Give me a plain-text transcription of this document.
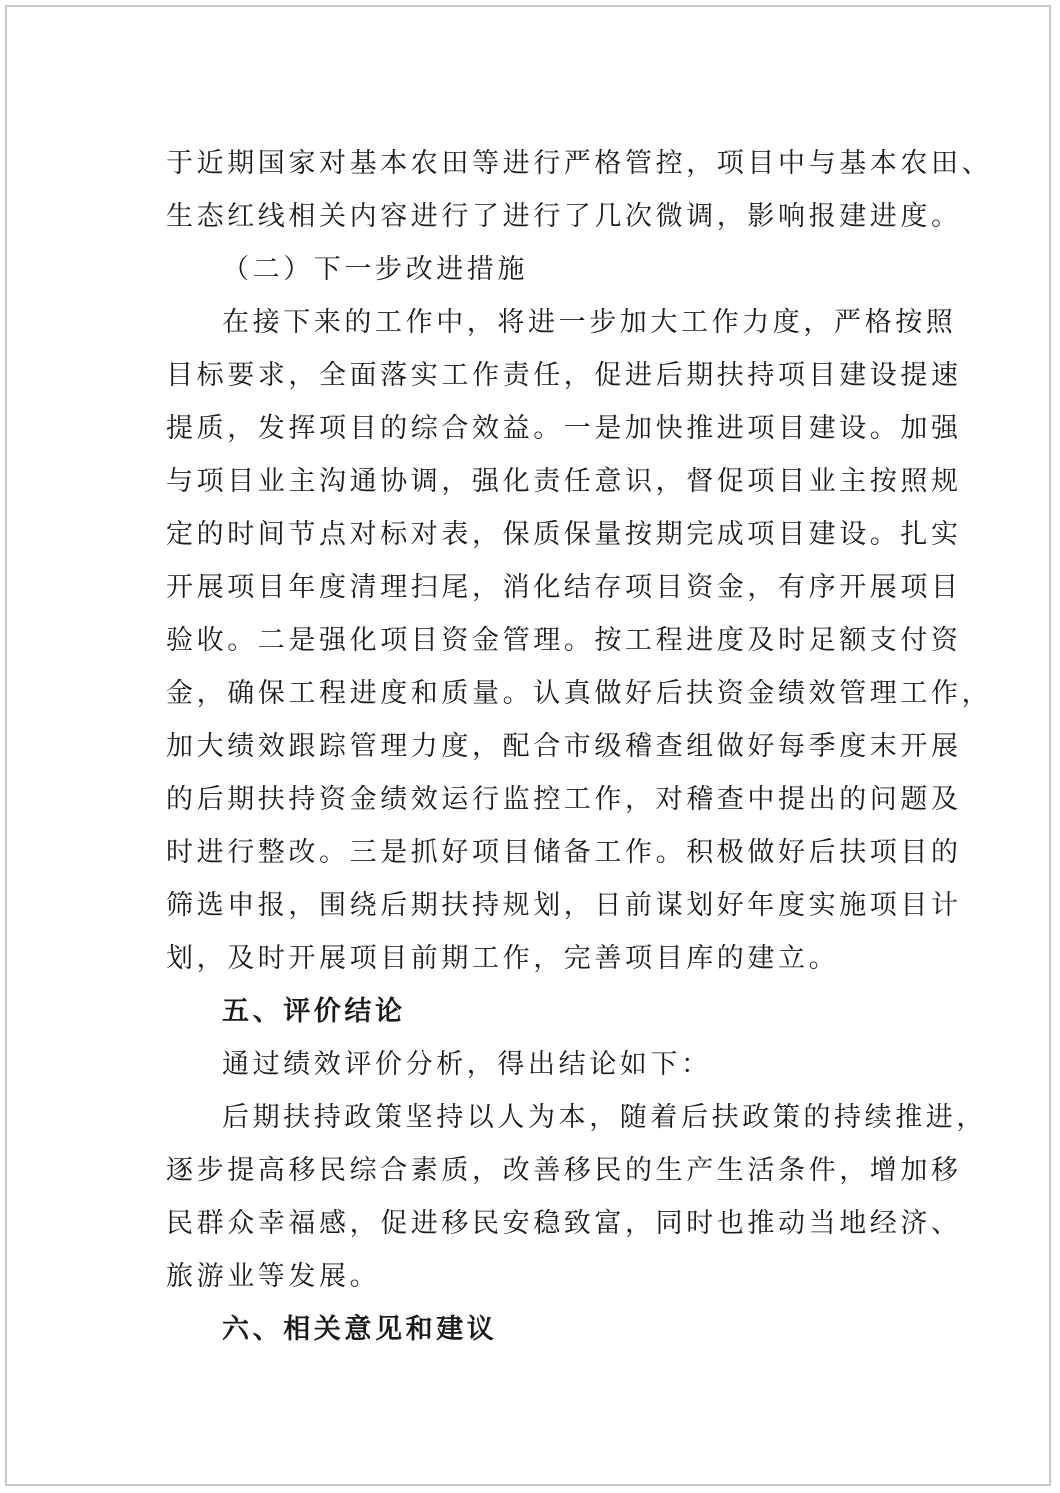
于近期国家对基本农田等进行严格管控，项目中与基本农田、
生态红线相关内容进行了进行了几次微调，影响报建进度。
（二）下一步改进措施
在接下来的工作中，将进一步加大工作力度，严格按照
目标要求，全面落实工作责任，促进后期扶持项目建设提速
提质，发挥项目的综合效益。一是加快推进项目建设。加强
与项目业主沟通协调，强化责任意识，督促项目业主按照规
定的时间节点对标对表，保质保量按期完成项目建设。扎实
开展项目年度清理扫尾，消化结存项目资金，有序开展项目
验收。二是强化项目资金管理。按工程进度及时足额支付资
金，确保工程进度和质量。认真做好后扶资金绩效管理工作，
加大绩效跟踪管理力度，配合市级稽查组做好每季度末开展
的后期扶持资金绩效运行监控工作，对稽查中提出的问题及
时进行整改。三是抓好项目储备工作。积极做好后扶项目的
筛选申报，围绕后期扶持规划，日前谋划好年度实施项目计
划，及时开展项目前期工作，完善项目库的建立。
五、评价结论
通过绩效评价分析，得出结论如下：
后期扶持政策坚持以人为本，随着后扶政策的持续推进，
逐步提高移民综合素质，改善移民的生产生活条件，增加移
民群众幸福感，促进移民安稳致富，同时也推动当地经济、
旅游业等发展。
六、相关意见和建议
